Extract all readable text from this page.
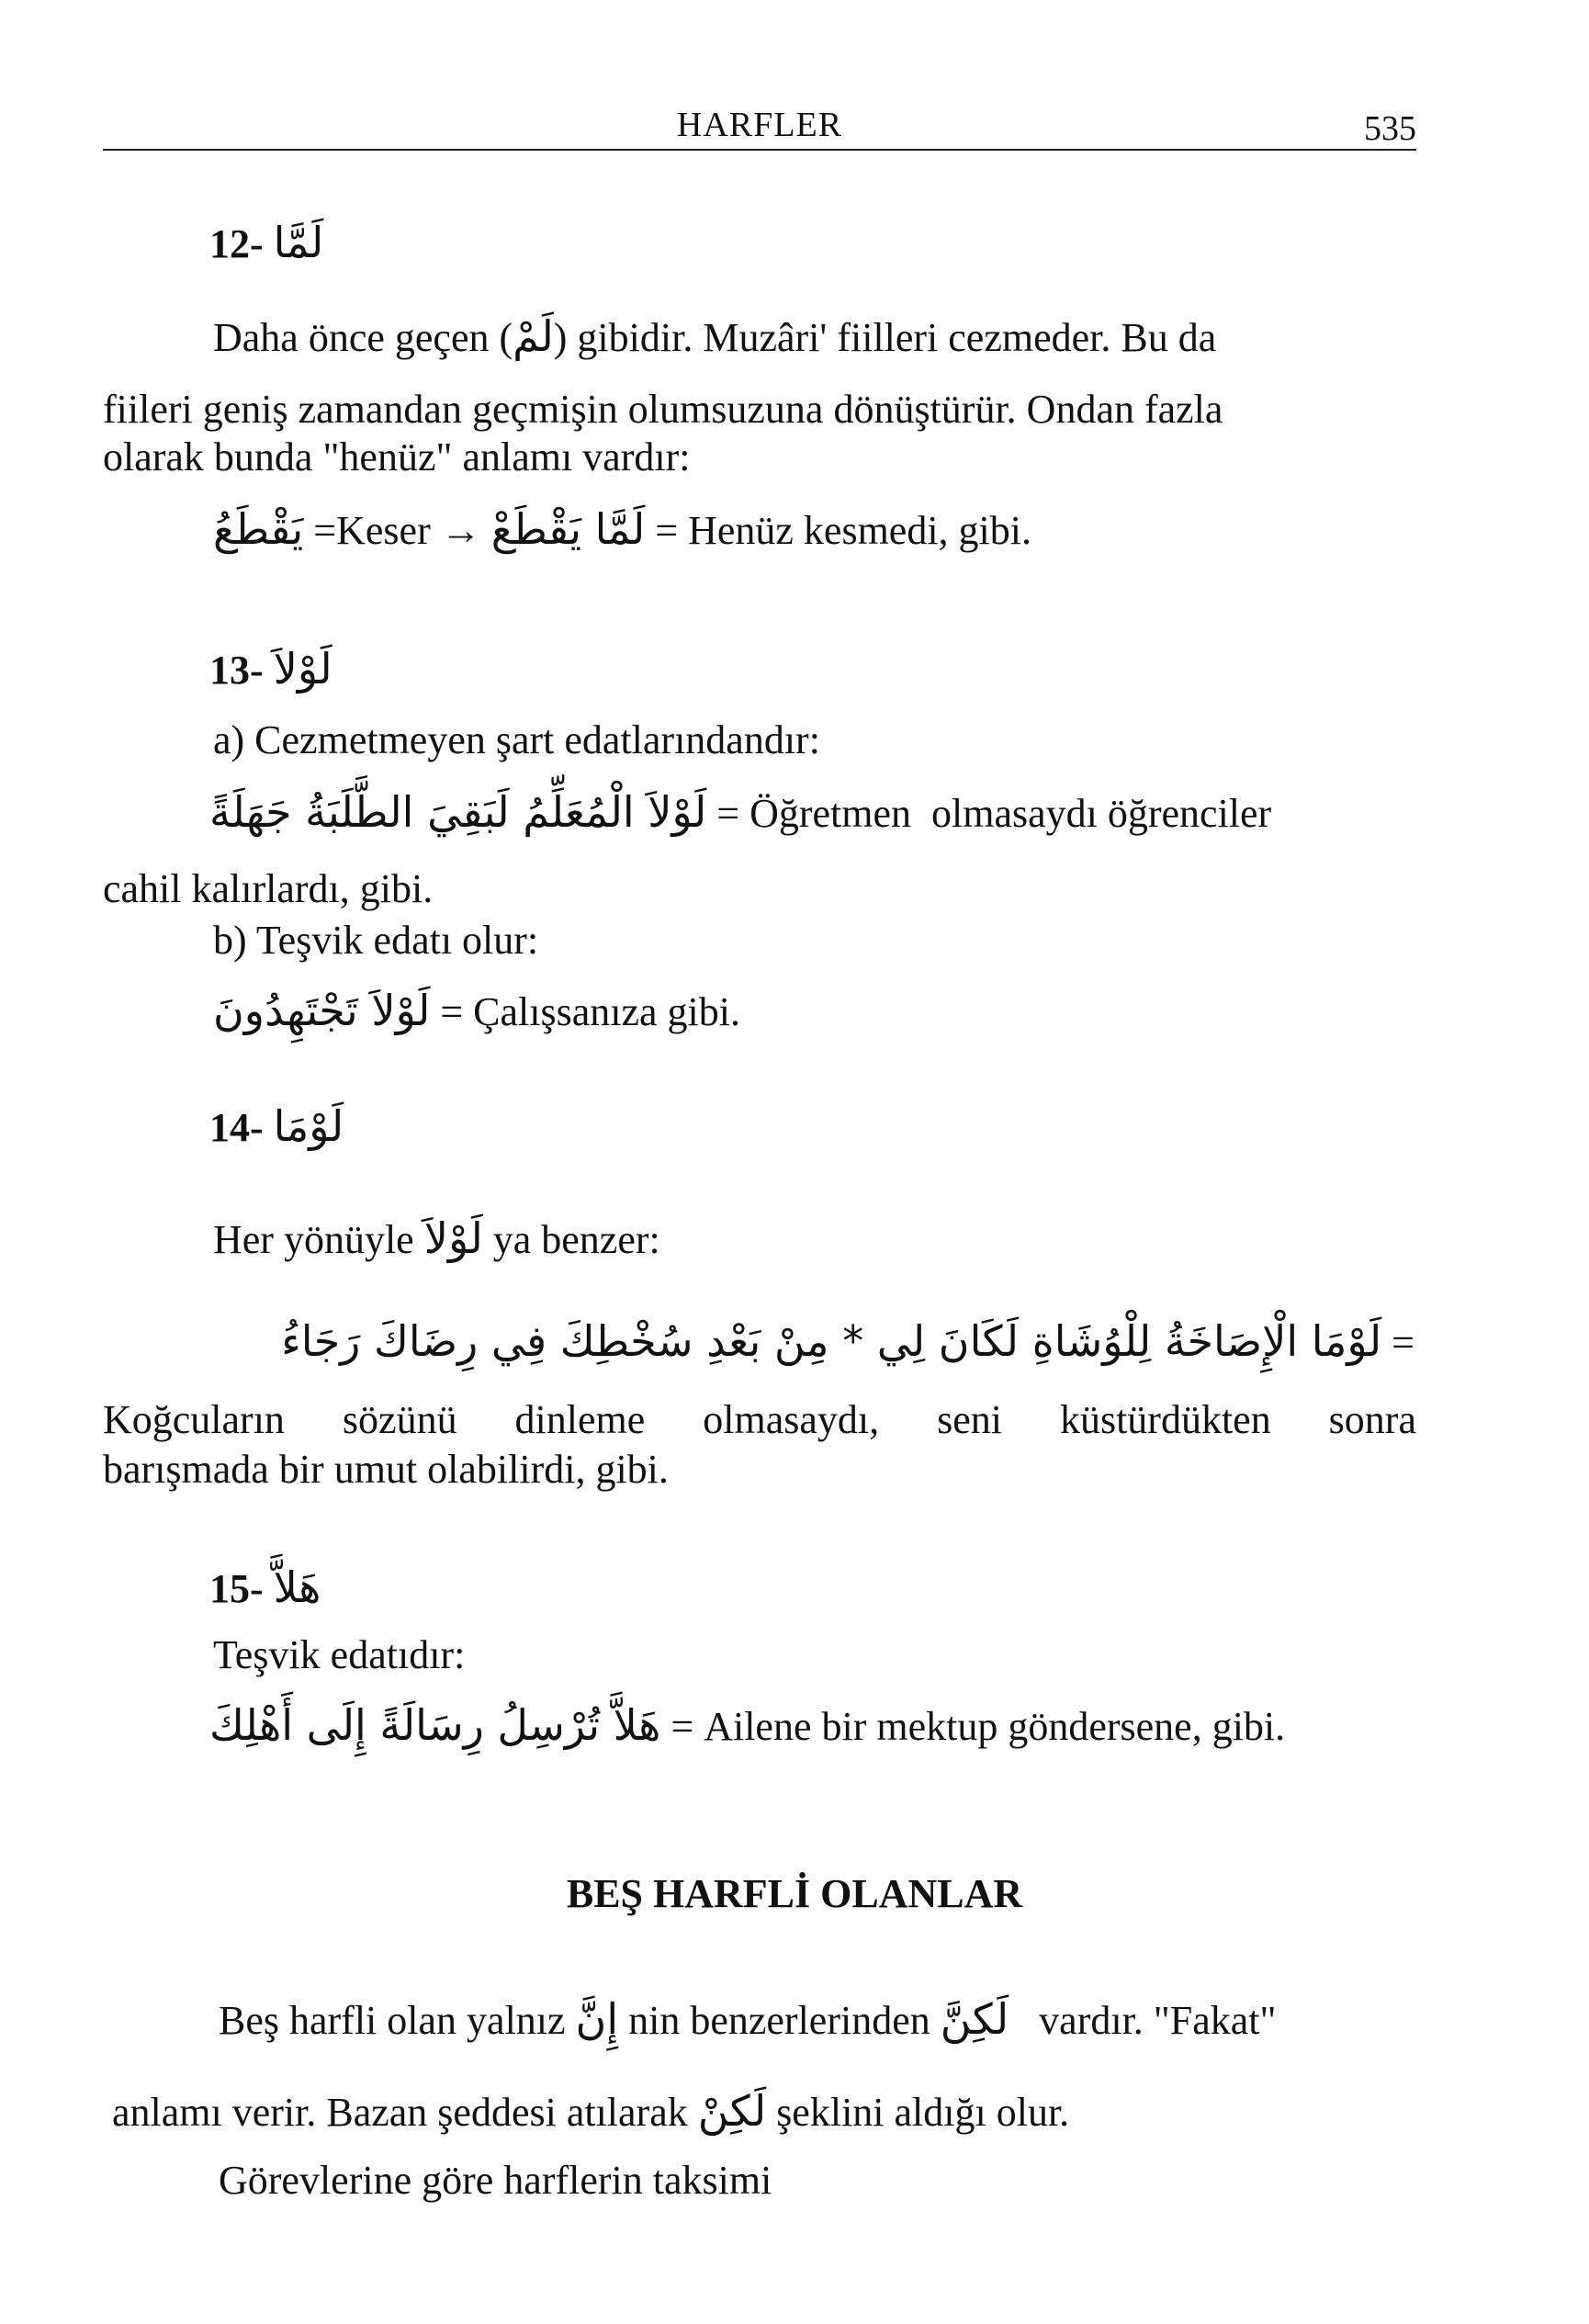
HARFLER	535
12- لَمَّا
Daha önce geçen (لَمْ) gibidir. Muzâri' fiilleri cezmeder. Bu da
fiileri geniş zamandan geçmişin olumsuzuna dönüştürür. Ondan fazla
olarak bunda "henüz" anlamı vardır:
يَقْطَعُ =Keser → لَمَّا يَقْطَعْ = Henüz kesmedi, gibi.
13- لَوْلاَ
a) Cezmetmeyen şart edatlarındandır:
لَوْلاَ الْمُعَلِّمُ لَبَقِيَ الطَّلَبَةُ جَهَلَةً = Öğretmen olmasaydı öğrenciler
cahil kalırlardı, gibi.
b) Teşvik edatı olur:
لَوْلاَ تَجْتَهِدُونَ = Çalışsanıza gibi.
14- لَوْمَا
Her yönüyle لَوْلاَ ya benzer:
لَوْمَا الْإِصَاخَةُ لِلْوُشَاةِ لَكَانَ لِي * مِنْ بَعْدِ سُخْطِكَ فِي رِضَاكَ رَجَاءُ =
Koğcuların sözünü dinleme olmasaydı, seni küstürdükten sonra
barışmada bir umut olabilirdi, gibi.
15- هَلاَّ
Teşvik edatıdır:
هَلاَّ تُرْسِلُ رِسَالَةً إِلَى أَهْلِكَ = Ailene bir mektup göndersene, gibi.
BEŞ HARFLİ OLANLAR
Beş harfli olan yalnız إِنَّ nin benzerlerinden لَكِنَّ vardır. "Fakat"
anlamı verir. Bazan şeddesi atılarak لَكِنْ şeklini aldığı olur.
Görevlerine göre harflerin taksimi
